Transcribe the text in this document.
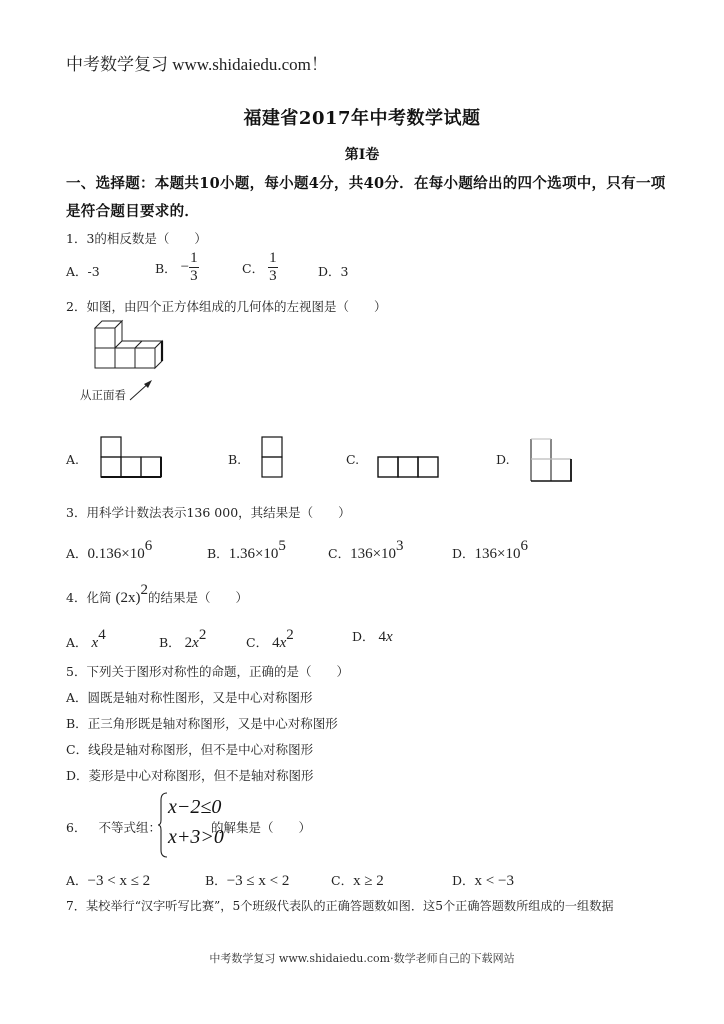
中考数学复习 www.shidaiedu.com！
福建省2017年中考数学试题
第Ⅰ卷
一、选择题：本题共10小题，每小题4分，共40分．在每小题给出的四个选项中，只有一项
是符合题目要求的．
1．3的相反数是（　　）
A．-3	B． − $\frac{1}{3}$	C． $\frac{1}{3}$	D．3
2．如图，由四个正方体组成的几何体的左视图是（　　）
从正面看
A.	B.	C.	D.
3．用科学计数法表示136 000，其结果是（　　）
A．$0.136\times 10^6$	B．$1.36\times 10^5$	C．$136\times 10^3$	D．$136\times 10^6$
4．化简 $(2x)^2$的结果是（　　）
A． $x^4$	B． $2x^2$	C． $4x^2$	D． 4x
5．下列关于图形对称性的命题，正确的是（　　）
A．圆既是轴对称性图形，又是中心对称图形
B．正三角形既是轴对称图形，又是中心对称图形
C．线段是轴对称图形，但不是中心对称图形
D．菱形是中心对称图形，但不是轴对称图形
6． 不等式组：
x−2≤0
x+3>0
的解集是（　　）
A．−3 < x ≤ 2	B．−3 ≤ x < 2	C．x ≥ 2	D．x < −3
7．某校举行“汉字听写比赛”，5个班级代表队的正确答题数如图．这5个正确答题数所组成的一组数据
中考数学复习 www.shidaiedu.com·数学老师自己的下载网站
